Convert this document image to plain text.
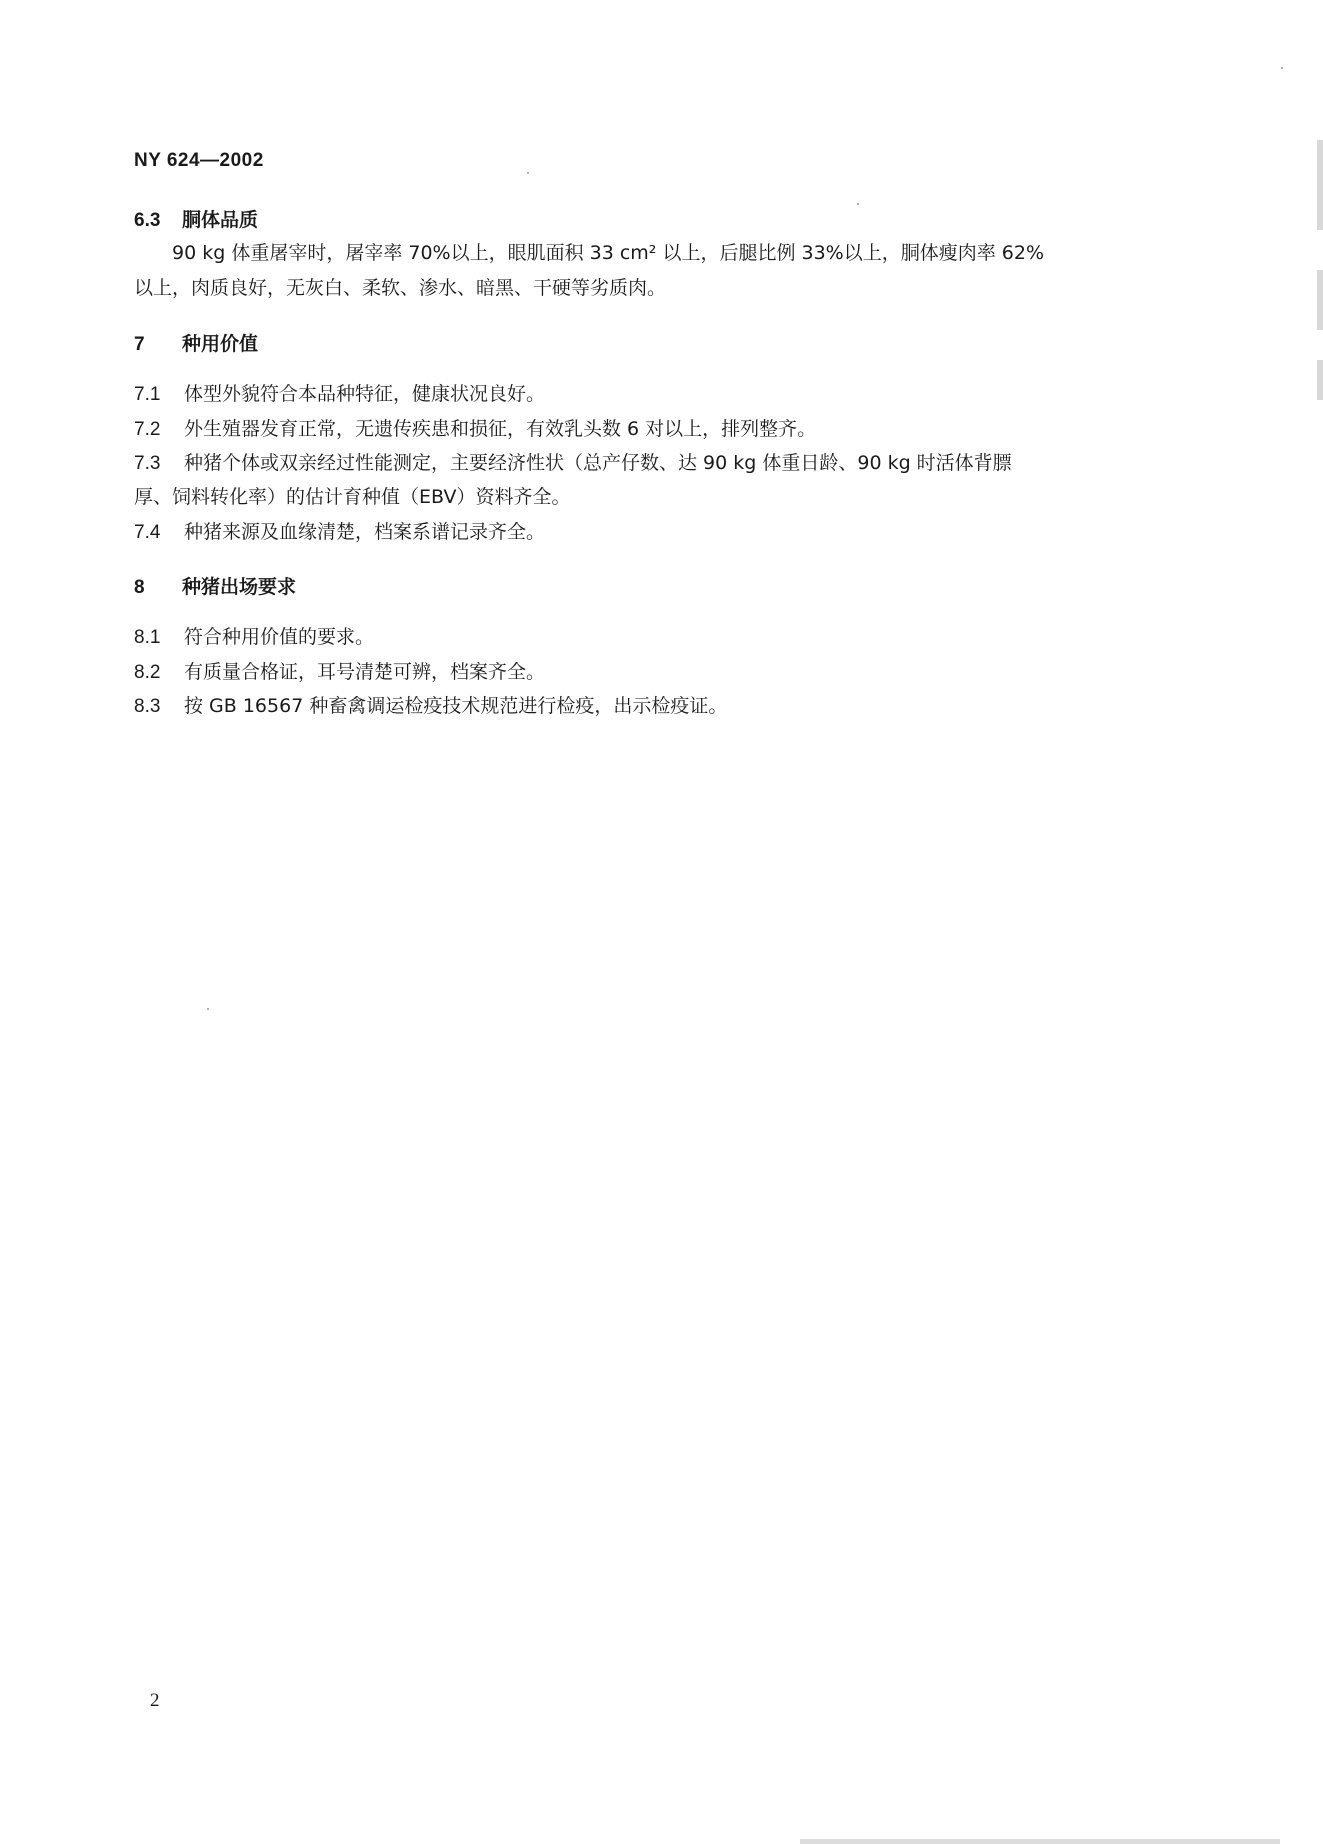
NY 624—2002
6.3 胴体品质
90 kg 体重屠宰时，屠宰率 70%以上，眼肌面积 33 cm² 以上，后腿比例 33%以上，胴体瘦肉率 62%
以上，肉质良好，无灰白、柔软、渗水、暗黑、干硬等劣质肉。
7 种用价值
7.1 体型外貌符合本品种特征，健康状况良好。
7.2 外生殖器发育正常，无遗传疾患和损征，有效乳头数 6 对以上，排列整齐。
7.3 种猪个体或双亲经过性能测定，主要经济性状（总产仔数、达 90 kg 体重日龄、90 kg 时活体背膘
厚、饲料转化率）的估计育种值（EBV）资料齐全。
7.4 种猪来源及血缘清楚，档案系谱记录齐全。
8 种猪出场要求
8.1 符合种用价值的要求。
8.2 有质量合格证，耳号清楚可辨，档案齐全。
8.3 按 GB 16567 种畜禽调运检疫技术规范进行检疫，出示检疫证。
2
